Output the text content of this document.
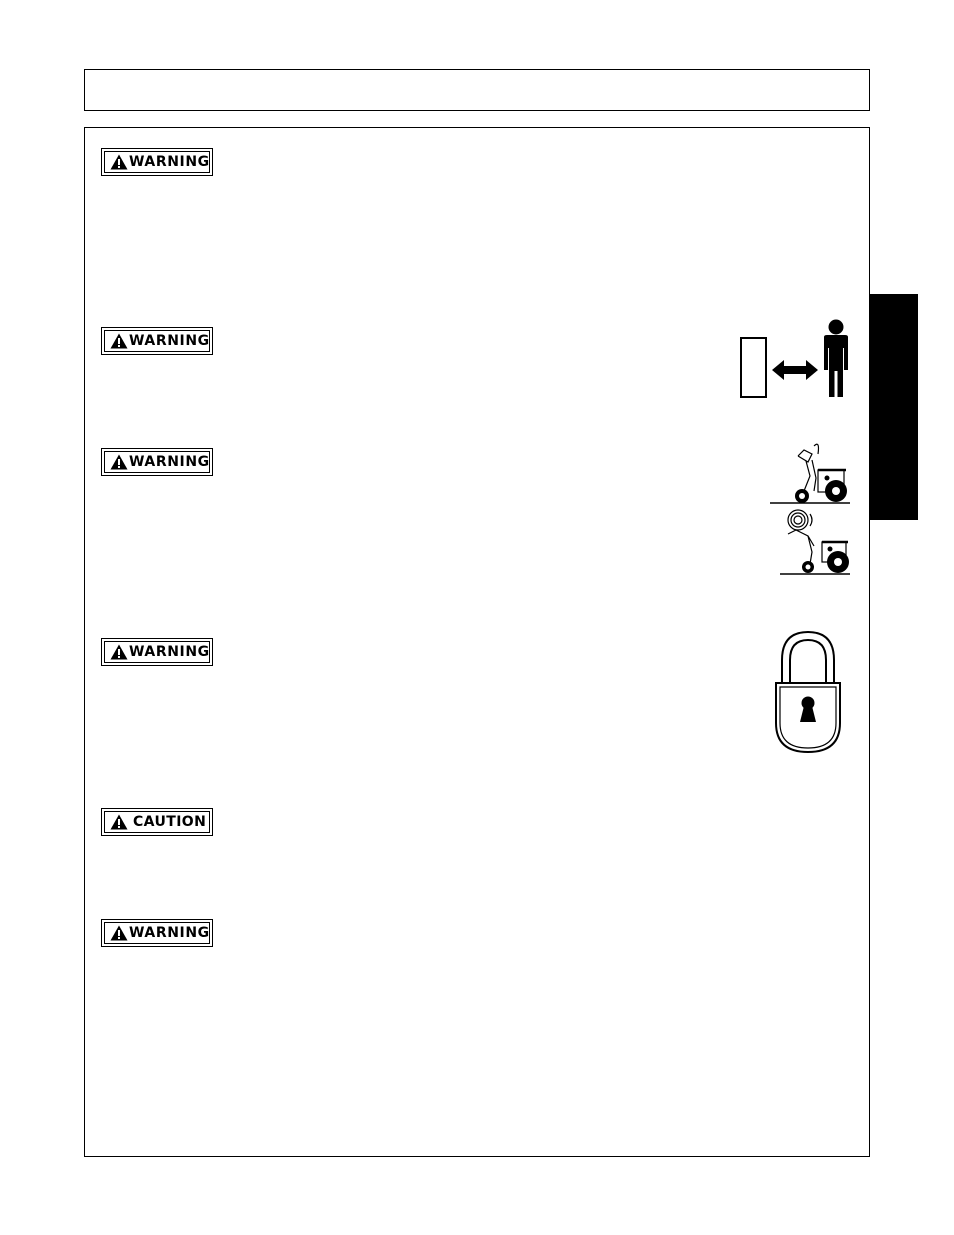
WARNING
WARNING
WARNING
WARNING
CAUTION
WARNING
